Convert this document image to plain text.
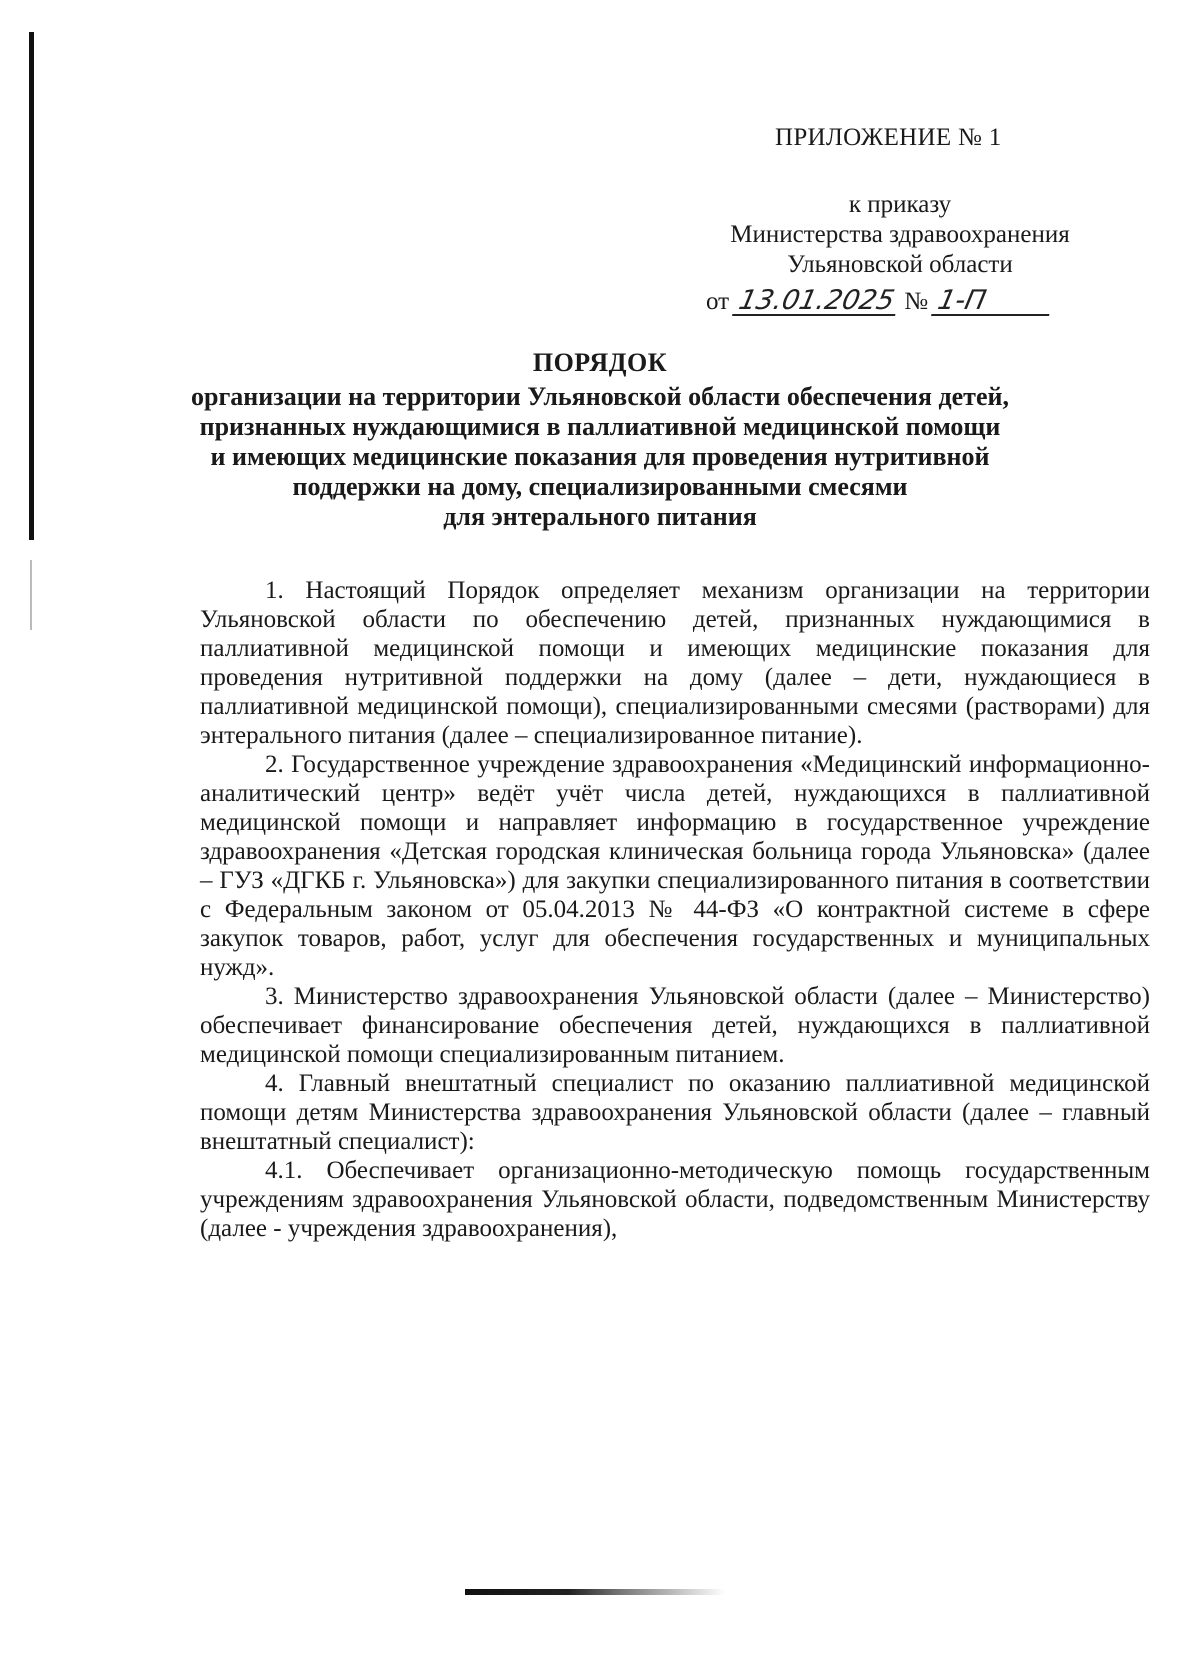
ПРИЛОЖЕНИЕ № 1
к приказу
Министерства здравоохранения
Ульяновской области
от 13.01.2025 № 1-П
ПОРЯДОК
организации на территории Ульяновской области обеспечения детей,
признанных нуждающимися в паллиативной медицинской помощи
и имеющих медицинские показания для проведения нутритивной
поддержки на дому, специализированными смесями
для энтерального питания

1. Настоящий Порядок определяет механизм организации на территории Ульяновской области по обеспечению детей, признанных нуждающимися в паллиативной медицинской помощи и имеющих медицинские показания для проведения нутритивной поддержки на дому (далее – дети, нуждающиеся в паллиативной медицинской помощи), специализированными смесями (растворами) для энтерального питания (далее – специализированное питание).

2. Государственное учреждение здравоохранения «Медицинский информационно-аналитический центр» ведёт учёт числа детей, нуждающихся в паллиативной медицинской помощи и направляет информацию в государственное учреждение здравоохранения «Детская городская клиническая больница города Ульяновска» (далее – ГУЗ «ДГКБ г. Ульяновска») для закупки специализированного питания в соответствии с Федеральным законом от 05.04.2013 № 44-ФЗ «О контрактной системе в сфере закупок товаров, работ, услуг для обеспечения государственных и муниципальных нужд».

3. Министерство здравоохранения Ульяновской области (далее – Министерство) обеспечивает финансирование обеспечения детей, нуждающихся в паллиативной медицинской помощи специализированным питанием.

4. Главный внештатный специалист по оказанию паллиативной медицинской помощи детям Министерства здравоохранения Ульяновской области (далее – главный внештатный специалист):

4.1. Обеспечивает организационно-методическую помощь государственным учреждениям здравоохранения Ульяновской области, подведомственным Министерству (далее - учреждения здравоохранения),
